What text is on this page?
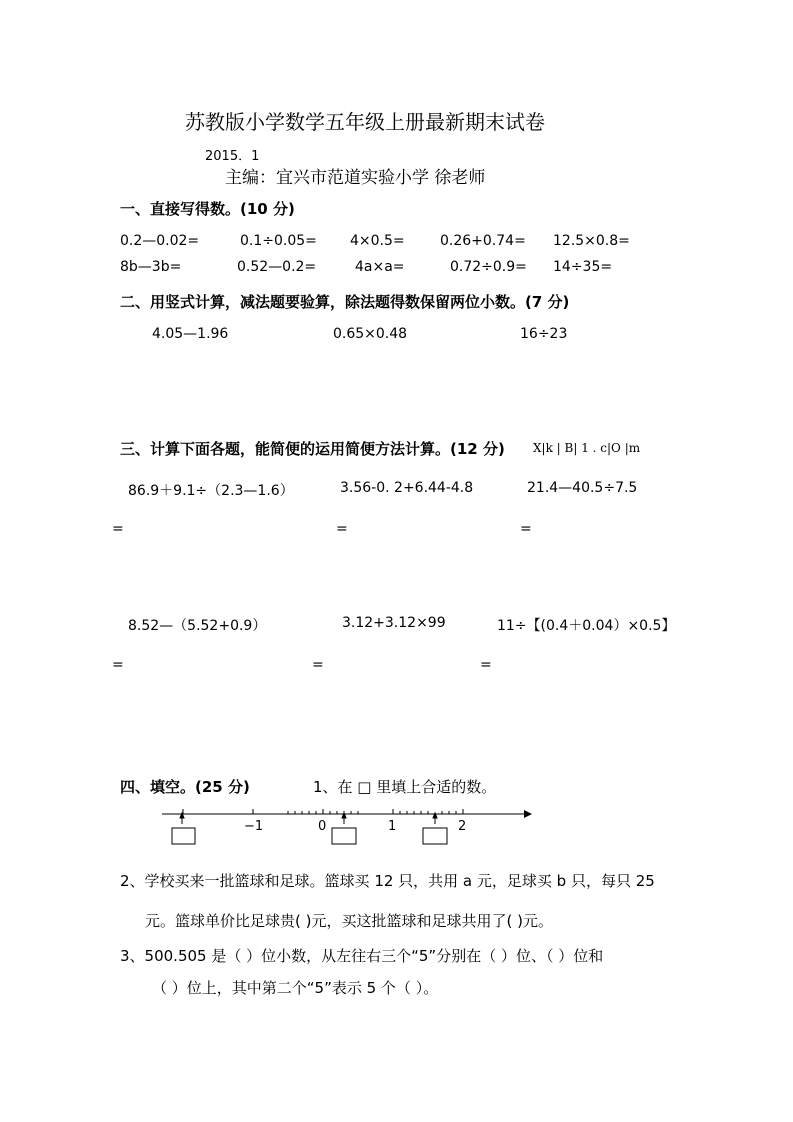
苏教版小学数学五年级上册最新期末试卷
2015．1
主编：宜兴市范道实验小学 徐老师
一、直接写得数。(10 分)
0.2—0.02=	0.1÷0.05= 4×0.5=	0.26+0.74= 12.5×0.8=
8b—3b=	0.52—0.2=	4a×a=	0.72÷0.9= 14÷35=
二、用竖式计算，减法题要验算，除法题得数保留两位小数。(7 分)
4.05—1.96	0.65×0.48	16÷23
三、计算下面各题，能简便的运用简便方法计算。(12 分) X|k | B| 1 . c|O |m
86.9＋9.1÷（2.3—1.6）	3.56-0. 2+6.44-4.8	21.4—40.5÷7.5
=	=	=
8.52—（5.52+0.9）	3.12+3.12×99	11÷【(0.4＋0.04）×0.5】
=	=	=
四、填空。(25 分)	1、在 □ 里填上合适的数。
−1	0	1	2
2、学校买来一批篮球和足球。篮球买 12 只，共用 a 元，足球买 b 只，每只 25
元。篮球单价比足球贵( )元，买这批篮球和足球共用了( )元。
3、500.505 是（ ）位小数，从左往右三个“5”分别在（ ）位、（ ）位和
（ ）位上，其中第二个“5”表示 5 个（ ）。
